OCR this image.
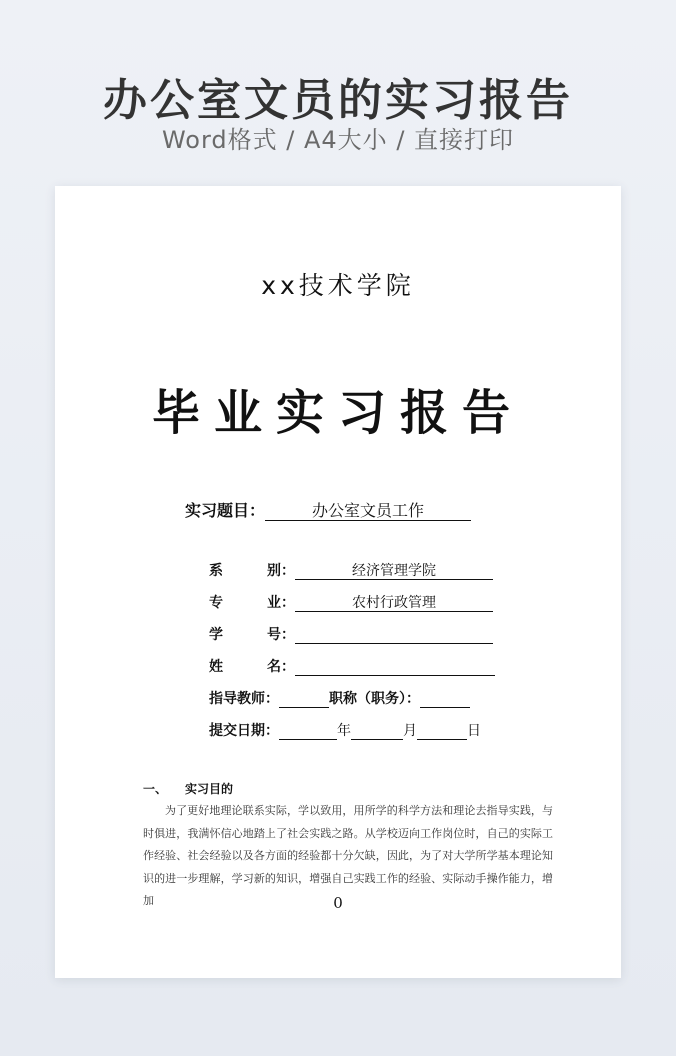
办公室文员的实习报告
Word格式 / A4大小 / 直接打印
xx技术学院
毕业实习报告
实习题目：	办公室文员工作
系	别 ：	经济管理学院
专	业 ：	农村行政管理
学	号 ：
姓	名 ：
指导教师：	职称（职务）：
提交日期：	年	月	日
一、 实习目的
为了更好地理论联系实际，学以致用，用所学的科学方法和理论去指导实践，与时俱进，我满怀信心地踏上了社会实践之路。从学校迈向工作岗位时，自己的实际工作经验、社会经验以及各方面的经验都十分欠缺，因此，为了对大学所学基本理论知识的进一步理解，学习新的知识，增强自己实践工作的经验、实际动手操作能力，增加	0
